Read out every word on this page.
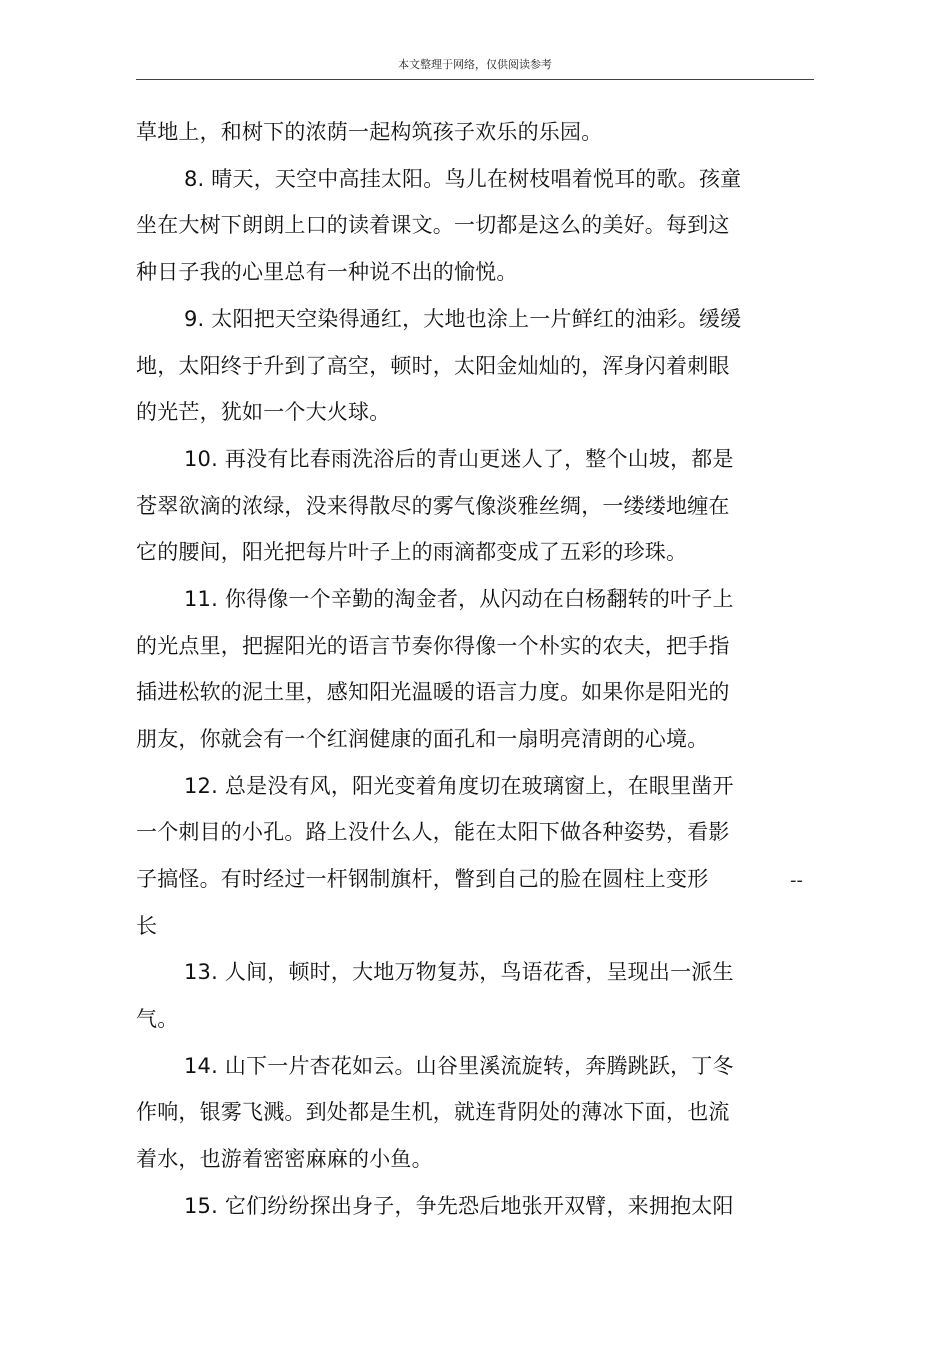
本文整理于网络，仅供阅读参考
草地上，和树下的浓荫一起构筑孩子欢乐的乐园。
8. 晴天，天空中高挂太阳。鸟儿在树枝唱着悦耳的歌。孩童
坐在大树下朗朗上口的读着课文。一切都是这么的美好。每到这
种日子我的心里总有一种说不出的愉悦。
9. 太阳把天空染得通红，大地也涂上一片鲜红的油彩。缓缓
地，太阳终于升到了高空，顿时，太阳金灿灿的，浑身闪着刺眼
的光芒，犹如一个大火球。
10. 再没有比春雨洗浴后的青山更迷人了，整个山坡，都是
苍翠欲滴的浓绿，没来得散尽的雾气像淡雅丝绸，一缕缕地缠在
它的腰间，阳光把每片叶子上的雨滴都变成了五彩的珍珠。
11. 你得像一个辛勤的淘金者，从闪动在白杨翻转的叶子上
的光点里，把握阳光的语言节奏你得像一个朴实的农夫，把手指
插进松软的泥土里，感知阳光温暖的语言力度。如果你是阳光的
朋友，你就会有一个红润健康的面孔和一扇明亮清朗的心境。
12. 总是没有风，阳光变着角度切在玻璃窗上，在眼里凿开
一个刺目的小孔。路上没什么人，能在太阳下做各种姿势，看影
子搞怪。有时经过一杆钢制旗杆，瞥到自己的脸在圆柱上变形	--
长
13. 人间，顿时，大地万物复苏，鸟语花香，呈现出一派生
气。
14. 山下一片杏花如云。山谷里溪流旋转，奔腾跳跃，丁冬
作响，银雾飞溅。到处都是生机，就连背阴处的薄冰下面，也流
着水，也游着密密麻麻的小鱼。
15. 它们纷纷探出身子，争先恐后地张开双臂，来拥抱太阳
